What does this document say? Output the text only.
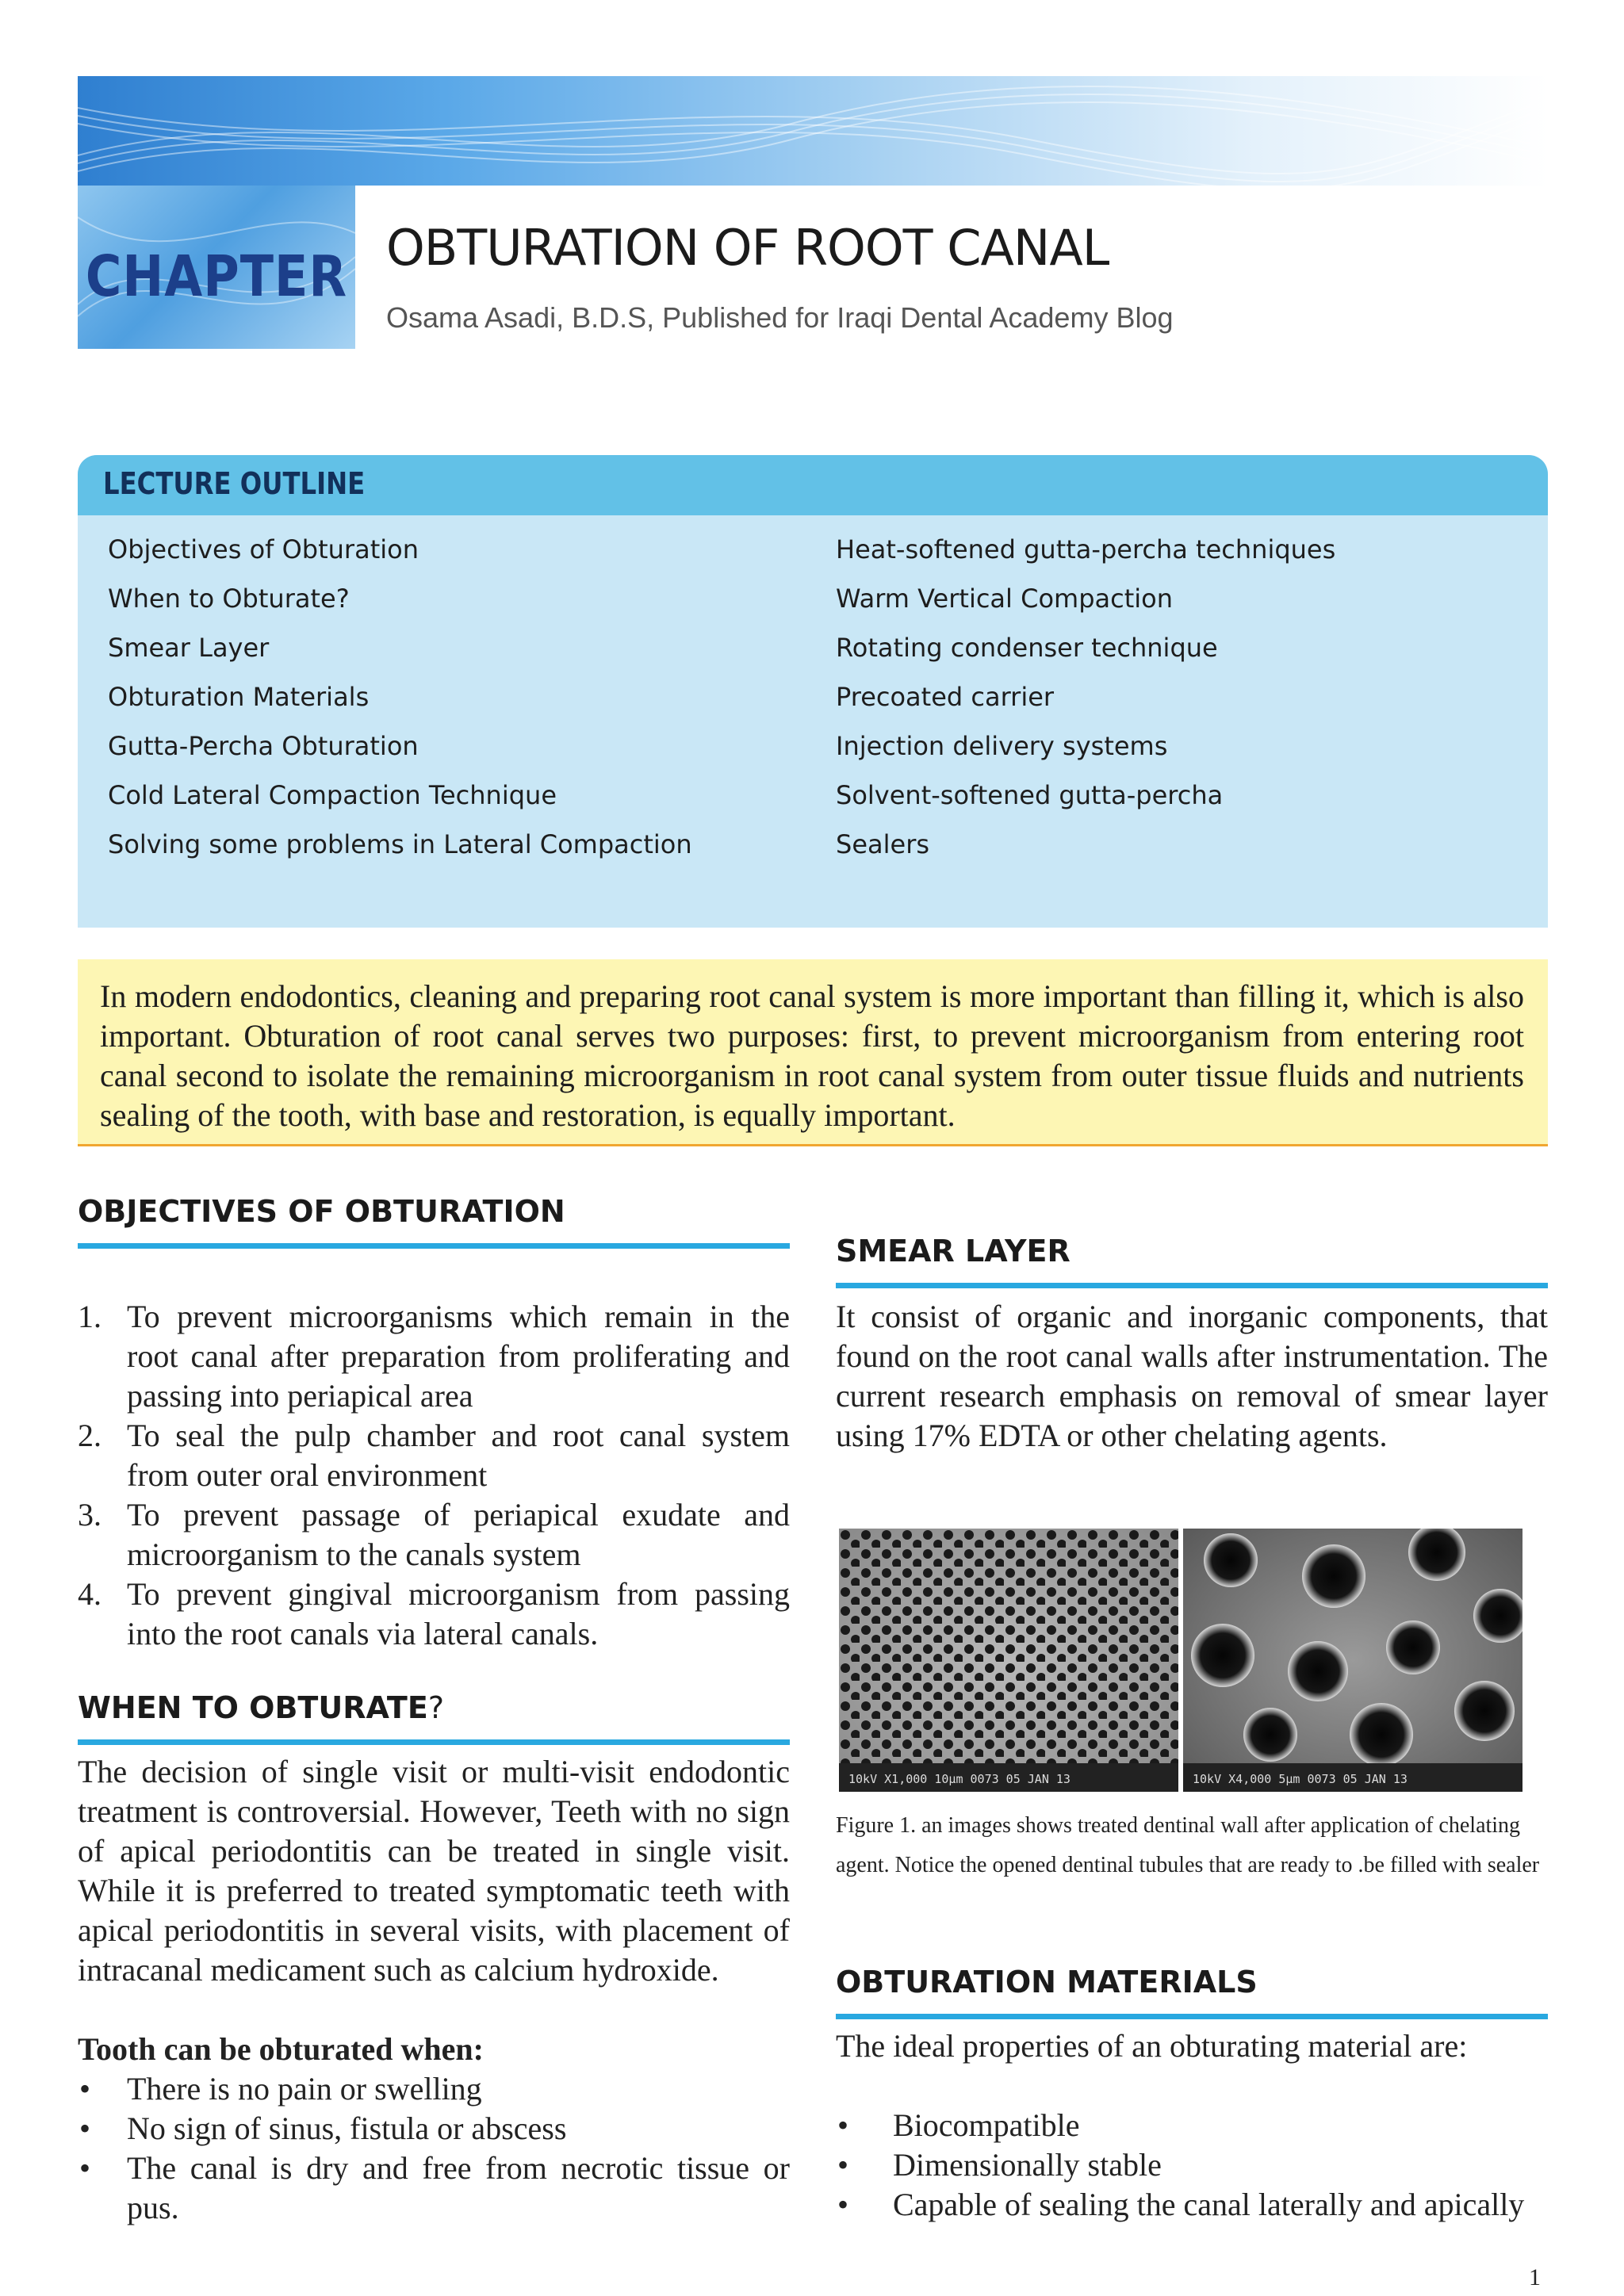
CHAPTER OBTURATION OF ROOT CANAL
Osama Asadi, B.D.S, Published for Iraqi Dental Academy Blog
LECTURE OUTLINE
Objectives of Obturation
When to Obturate?
Smear Layer
Obturation Materials
Gutta-Percha Obturation
Cold Lateral Compaction Technique
Solving some problems in Lateral Compaction
Heat-softened gutta-percha techniques
Warm Vertical Compaction
Rotating condenser technique
Precoated carrier
Injection delivery systems
Solvent-softened gutta-percha
Sealers
In modern endodontics, cleaning and preparing root canal system is more important than filling it, which is also important. Obturation of root canal serves two purposes: first, to prevent microorganism from entering root canal second to isolate the remaining microorganism in root canal system from outer tissue fluids and nutrients sealing of the tooth, with base and restoration, is equally important.
OBJECTIVES OF OBTURATION
1. To prevent microorganisms which remain in the root canal after preparation from proliferating and passing into periapical area
2. To seal the pulp chamber and root canal system from outer oral environment
3. To prevent passage of periapical exudate and microorganism to the canals system
4. To prevent gingival microorganism from passing into the root canals via lateral canals.
WHEN TO OBTURATE?
The decision of single visit or multi-visit endodontic treatment is controversial. However, Teeth with no sign of apical periodontitis can be treated in single visit. While it is preferred to treated symptomatic teeth with apical periodontitis in several visits, with placement of intracanal medicament such as calcium hydroxide.
Tooth can be obturated when:
• There is no pain or swelling
• No sign of sinus, fistula or abscess
• The canal is dry and free from necrotic tissue or pus.
SMEAR LAYER
It consist of organic and inorganic components, that found on the root canal walls after instrumentation. The current research emphasis on removal of smear layer using 17% EDTA or other chelating agents.
10kV X1,000 10μm 0073 05 JAN 13	10kV X4,000 5μm 0073 05 JAN 13
Figure 1. an images shows treated dentinal wall after application of chelating agent. Notice the opened dentinal tubules that are ready to .be filled with sealer
OBTURATION MATERIALS
The ideal properties of an obturating material are:
• Biocompatible
• Dimensionally stable
• Capable of sealing the canal laterally and apically
1
